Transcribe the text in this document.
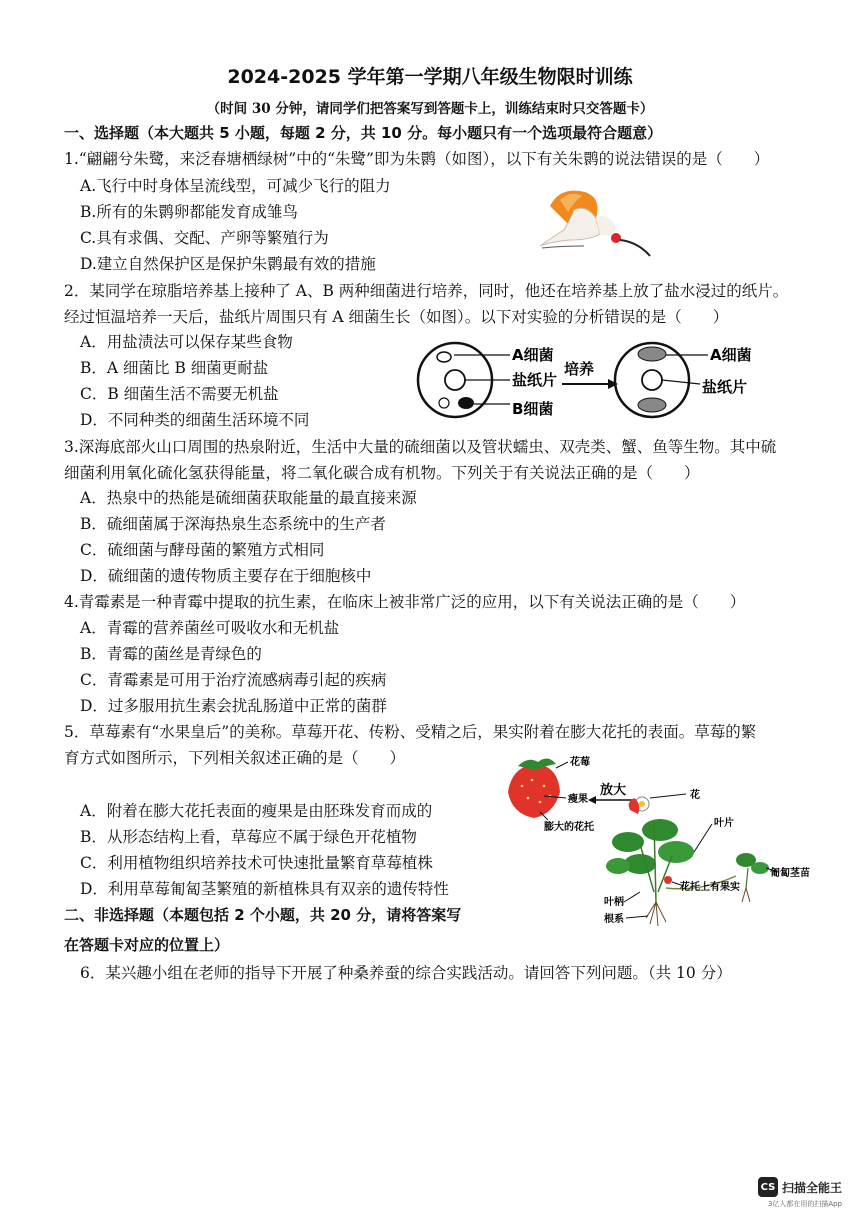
2024-2025 学年第一学期八年级生物限时训练
（时间 30 分钟，请同学们把答案写到答题卡上，训练结束时只交答题卡）
一、选择题（本大题共 5 小题，每题 2 分，共 10 分。每小题只有一个选项最符合题意）
1.“翩翩兮朱鹭，来泛春塘栖绿树”中的“朱鹭”即为朱鹮（如图），以下有关朱鹮的说法错误的是（　　）
A.飞行中时身体呈流线型，可减少飞行的阻力
B.所有的朱鹮卵都能发育成雏鸟
C.具有求偶、交配、产卵等繁殖行为
D.建立自然保护区是保护朱鹮最有效的措施
2．某同学在琼脂培养基上接种了 A、B 两种细菌进行培养，同时，他还在培养基上放了盐水浸过的纸片。
经过恒温培养一天后，盐纸片周围只有 A 细菌生长（如图）。以下对实验的分析错误的是（　　）
A．用盐渍法可以保存某些食物
B．A 细菌比 B 细菌更耐盐
C．B 细菌生活不需要无机盐
D．不同种类的细菌生活环境不同
A细菌
盐纸片
B细菌
培养
A细菌
盐纸片
3.深海底部火山口周围的热泉附近，生活中大量的硫细菌以及管状蠕虫、双壳类、蟹、鱼等生物。其中硫
细菌利用氧化硫化氢获得能量，将二氧化碳合成有机物。下列关于有关说法正确的是（　　）
A．热泉中的热能是硫细菌获取能量的最直接来源
B．硫细菌属于深海热泉生态系统中的生产者
C．硫细菌与酵母菌的繁殖方式相同
D．硫细菌的遗传物质主要存在于细胞核中
4.青霉素是一种青霉中提取的抗生素，在临床上被非常广泛的应用，以下有关说法正确的是（　　）
A．青霉的营养菌丝可吸收水和无机盐
B．青霉的菌丝是青绿色的
C．青霉素是可用于治疗流感病毒引起的疾病
D．过多服用抗生素会扰乱肠道中正常的菌群
5．草莓素有“水果皇后”的美称。草莓开花、传粉、受精之后，果实附着在膨大花托的表面。草莓的繁
育方式如图所示，下列相关叙述正确的是（　　）
A．附着在膨大花托表面的瘦果是由胚珠发育而成的
B．从形态结构上看，草莓应不属于绿色开花植物
C．利用植物组织培养技术可快速批量繁育草莓植株
D．利用草莓匍匐茎繁殖的新植株具有双亲的遗传特性
花莓
瘦果
膨大的花托
放大	花
叶片
匍匐茎苗
花托上有果实
叶柄
根系
二、非选择题（本题包括 2 个小题，共 20 分，请将答案写
在答题卡对应的位置上）
6．某兴趣小组在老师的指导下开展了种桑养蚕的综合实践活动。请回答下列问题。（共 10 分）
CS 扫描全能王
3亿人都在用的扫描App
